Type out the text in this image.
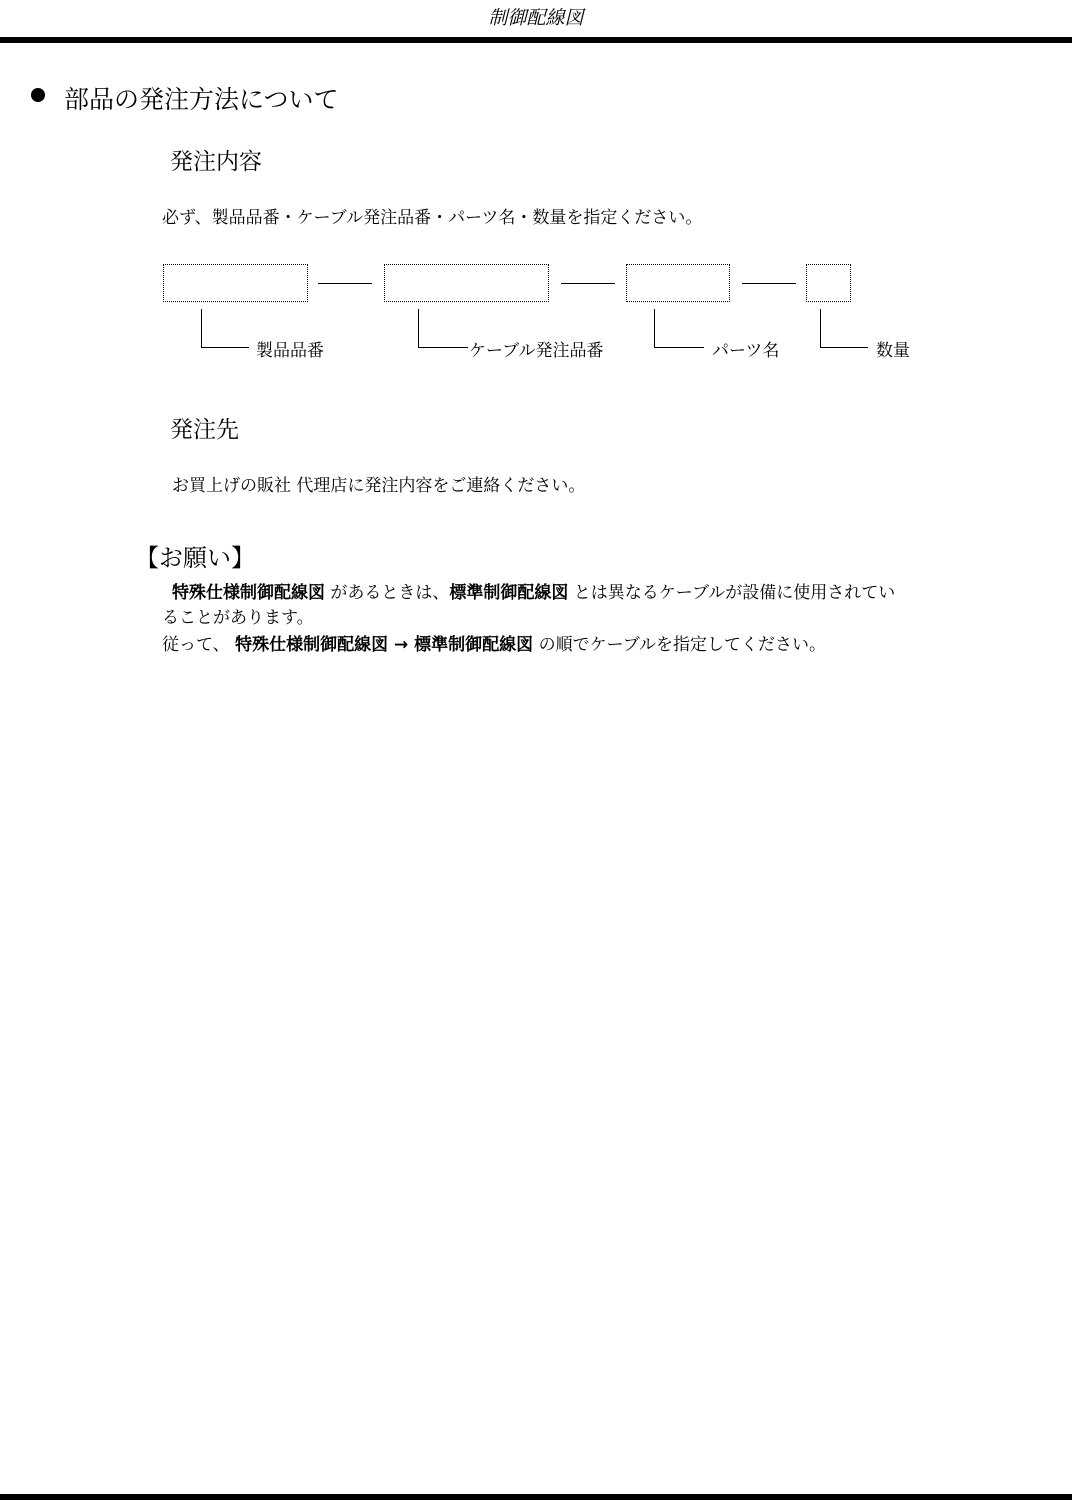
制御配線図
部品の発注方法について
発注内容
必ず、製品品番・ケーブル発注品番・パーツ名・数量を指定ください。
製品品番	ケーブル発注品番	パーツ名	数量
発注先
お買上げの販社 代理店に発注内容をご連絡ください。
【お願い】
特殊仕様制御配線図 があるときは、標準制御配線図 とは異なるケーブルが設備に使用されてい
ることがあります。
従って、 特殊仕様制御配線図 → 標準制御配線図 の順でケーブルを指定してください。
